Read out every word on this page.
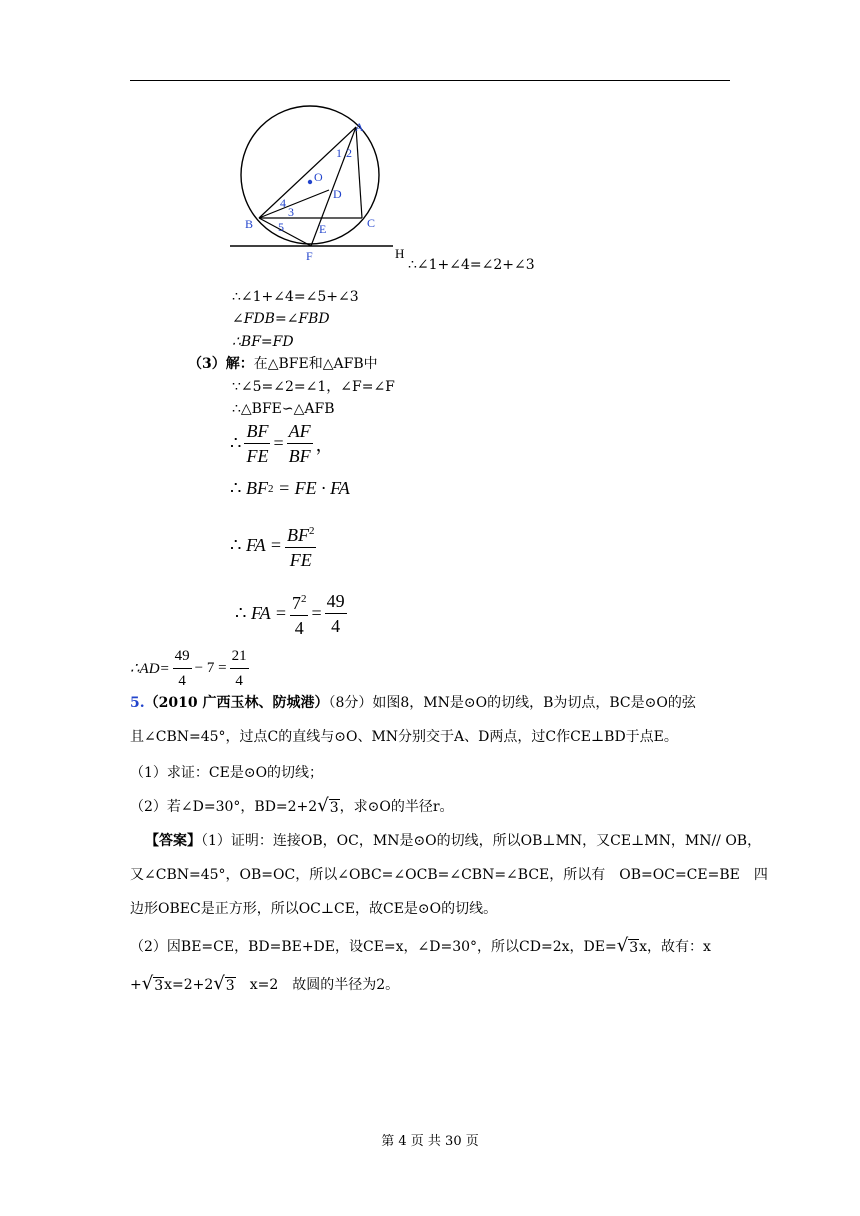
A
O
D
B	C
E
F
1 2
3
4
5
H
∴∠1+∠4=∠2+∠3
∴∠1+∠4=∠5+∠3
∠FDB=∠FBD
∴BF=FD
（3）解：在△BFE和△AFB中
∵∠5=∠2=∠1，∠F=∠F
∴△BFE∽△AFB
∴ $\frac{BF}{FE} = \frac{AF}{BF}$ ，
∴ BF 2
= FE · FA
∴ FA = $\frac{BF^2}{FE}$
∴ FA = $\frac{7^2}{4} = \frac{49}{4}$
∴AD= $\frac{49}{4} - 7 = \frac{21}{4}$
5.（2010 广西玉林、防城港）（8分）如图8，MN是⊙O的切线，B为切点，BC是⊙O的弦
且∠CBN=45°，过点C的直线与⊙O、MN分别交于A、D两点，过C作CE⊥BD于点E。
（1）求证：CE是⊙O的切线；
（2）若∠D=30°，BD=2+2 √ 3 ，求⊙O的半径r。
【答案】（1）证明：连接OB，OC，MN是⊙O的切线，所以OB⊥MN，又CE⊥MN，MN// OB，
又∠CBN=45°，OB=OC，所以∠OBC=∠OCB=∠CBN=∠BCE，所以有　OB=OC=CE=BE　四
边形OBEC是正方形，所以OC⊥CE，故CE是⊙O的切线。
（2）因BE=CE，BD=BE+DE，设CE=x，∠D=30°，所以CD=2x，DE= √ 3 x，故有：x
+ √ 3 x=2+2 √ 3 　x=2　故圆的半径为2。
第 4 页 共 30 页
